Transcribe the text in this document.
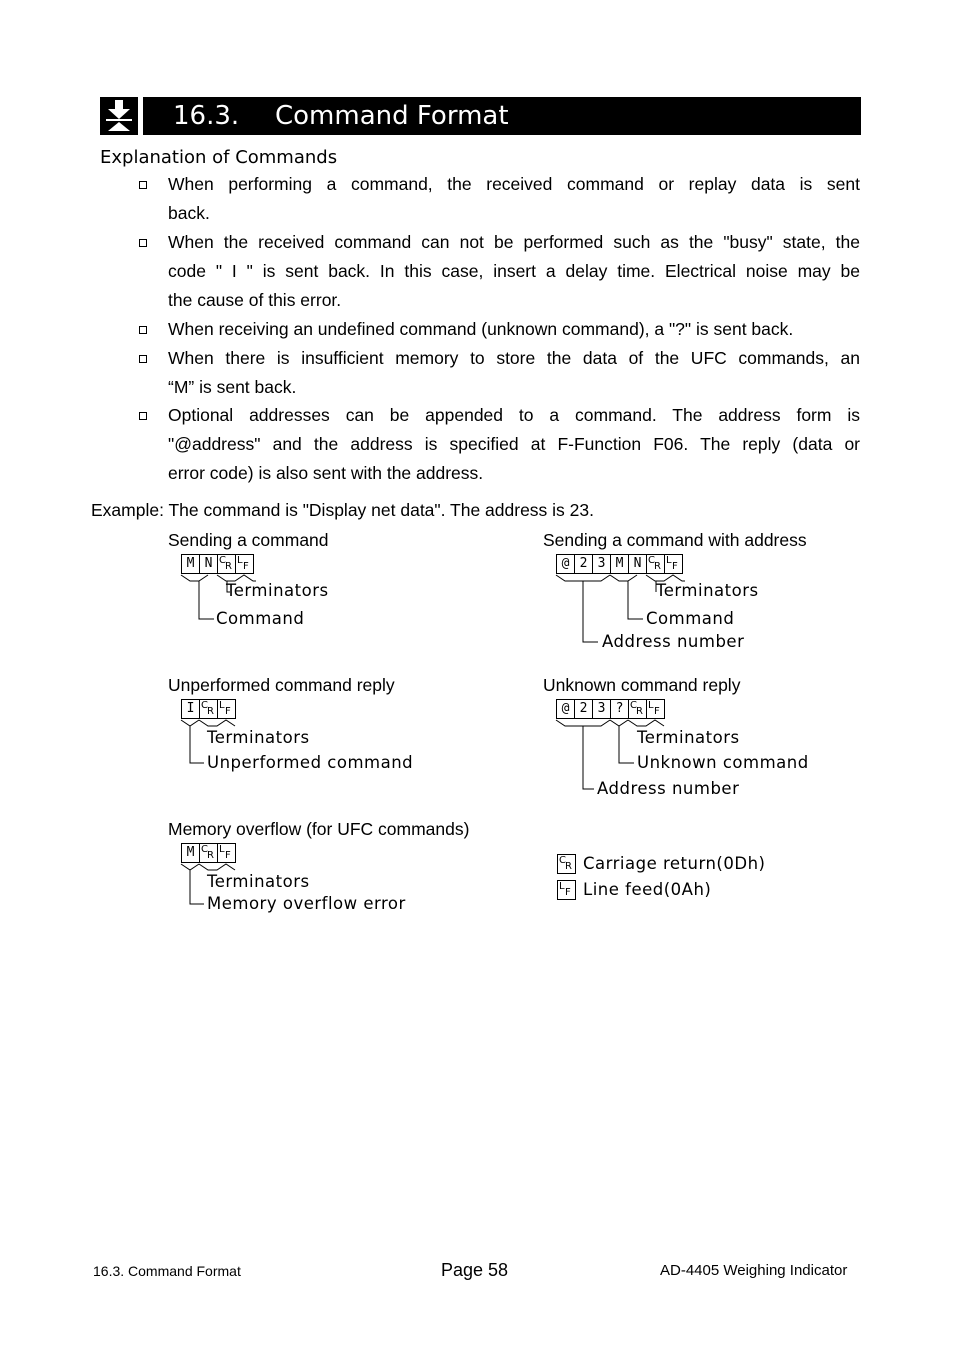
16.3. Command Format
Explanation of Commands
When performing a command, the received command or replay data is sent
back.
When the received command can not be performed such as the "busy" state, the
code " I " is sent back. In this case, insert a delay time. Electrical noise may be
the cause of this error.
When receiving an undefined command (unknown command), a "?" is sent back.
When there is insufficient memory to store the data of the UFC commands, an
“M” is sent back.
Optional addresses can be appended to a command. The address form is
"@address" and the address is specified at F-Function F06. The reply (data or
error code) is also sent with the address.
Example: The command is "Display net data". The address is 23.
Sending a command
M N C
R
L
F
Terminators
Command
Sending a command with address
@ 2 3 M N C
R
L
F
Terminators
Command
Address number
Unperformed command reply
I C
R
L
F
Terminators
Unperformed command
Unknown command reply
@ 2 3 ? C
R
L
F
Terminators
Unknown command
Address number
Memory overflow (for UFC commands)
M C
R
L
F
Terminators
Memory overflow error
C
R Carriage return(0Dh)
L
F Line feed(0Ah)
16.3. Command Format	Page 58	AD-4405 Weighing Indicator
